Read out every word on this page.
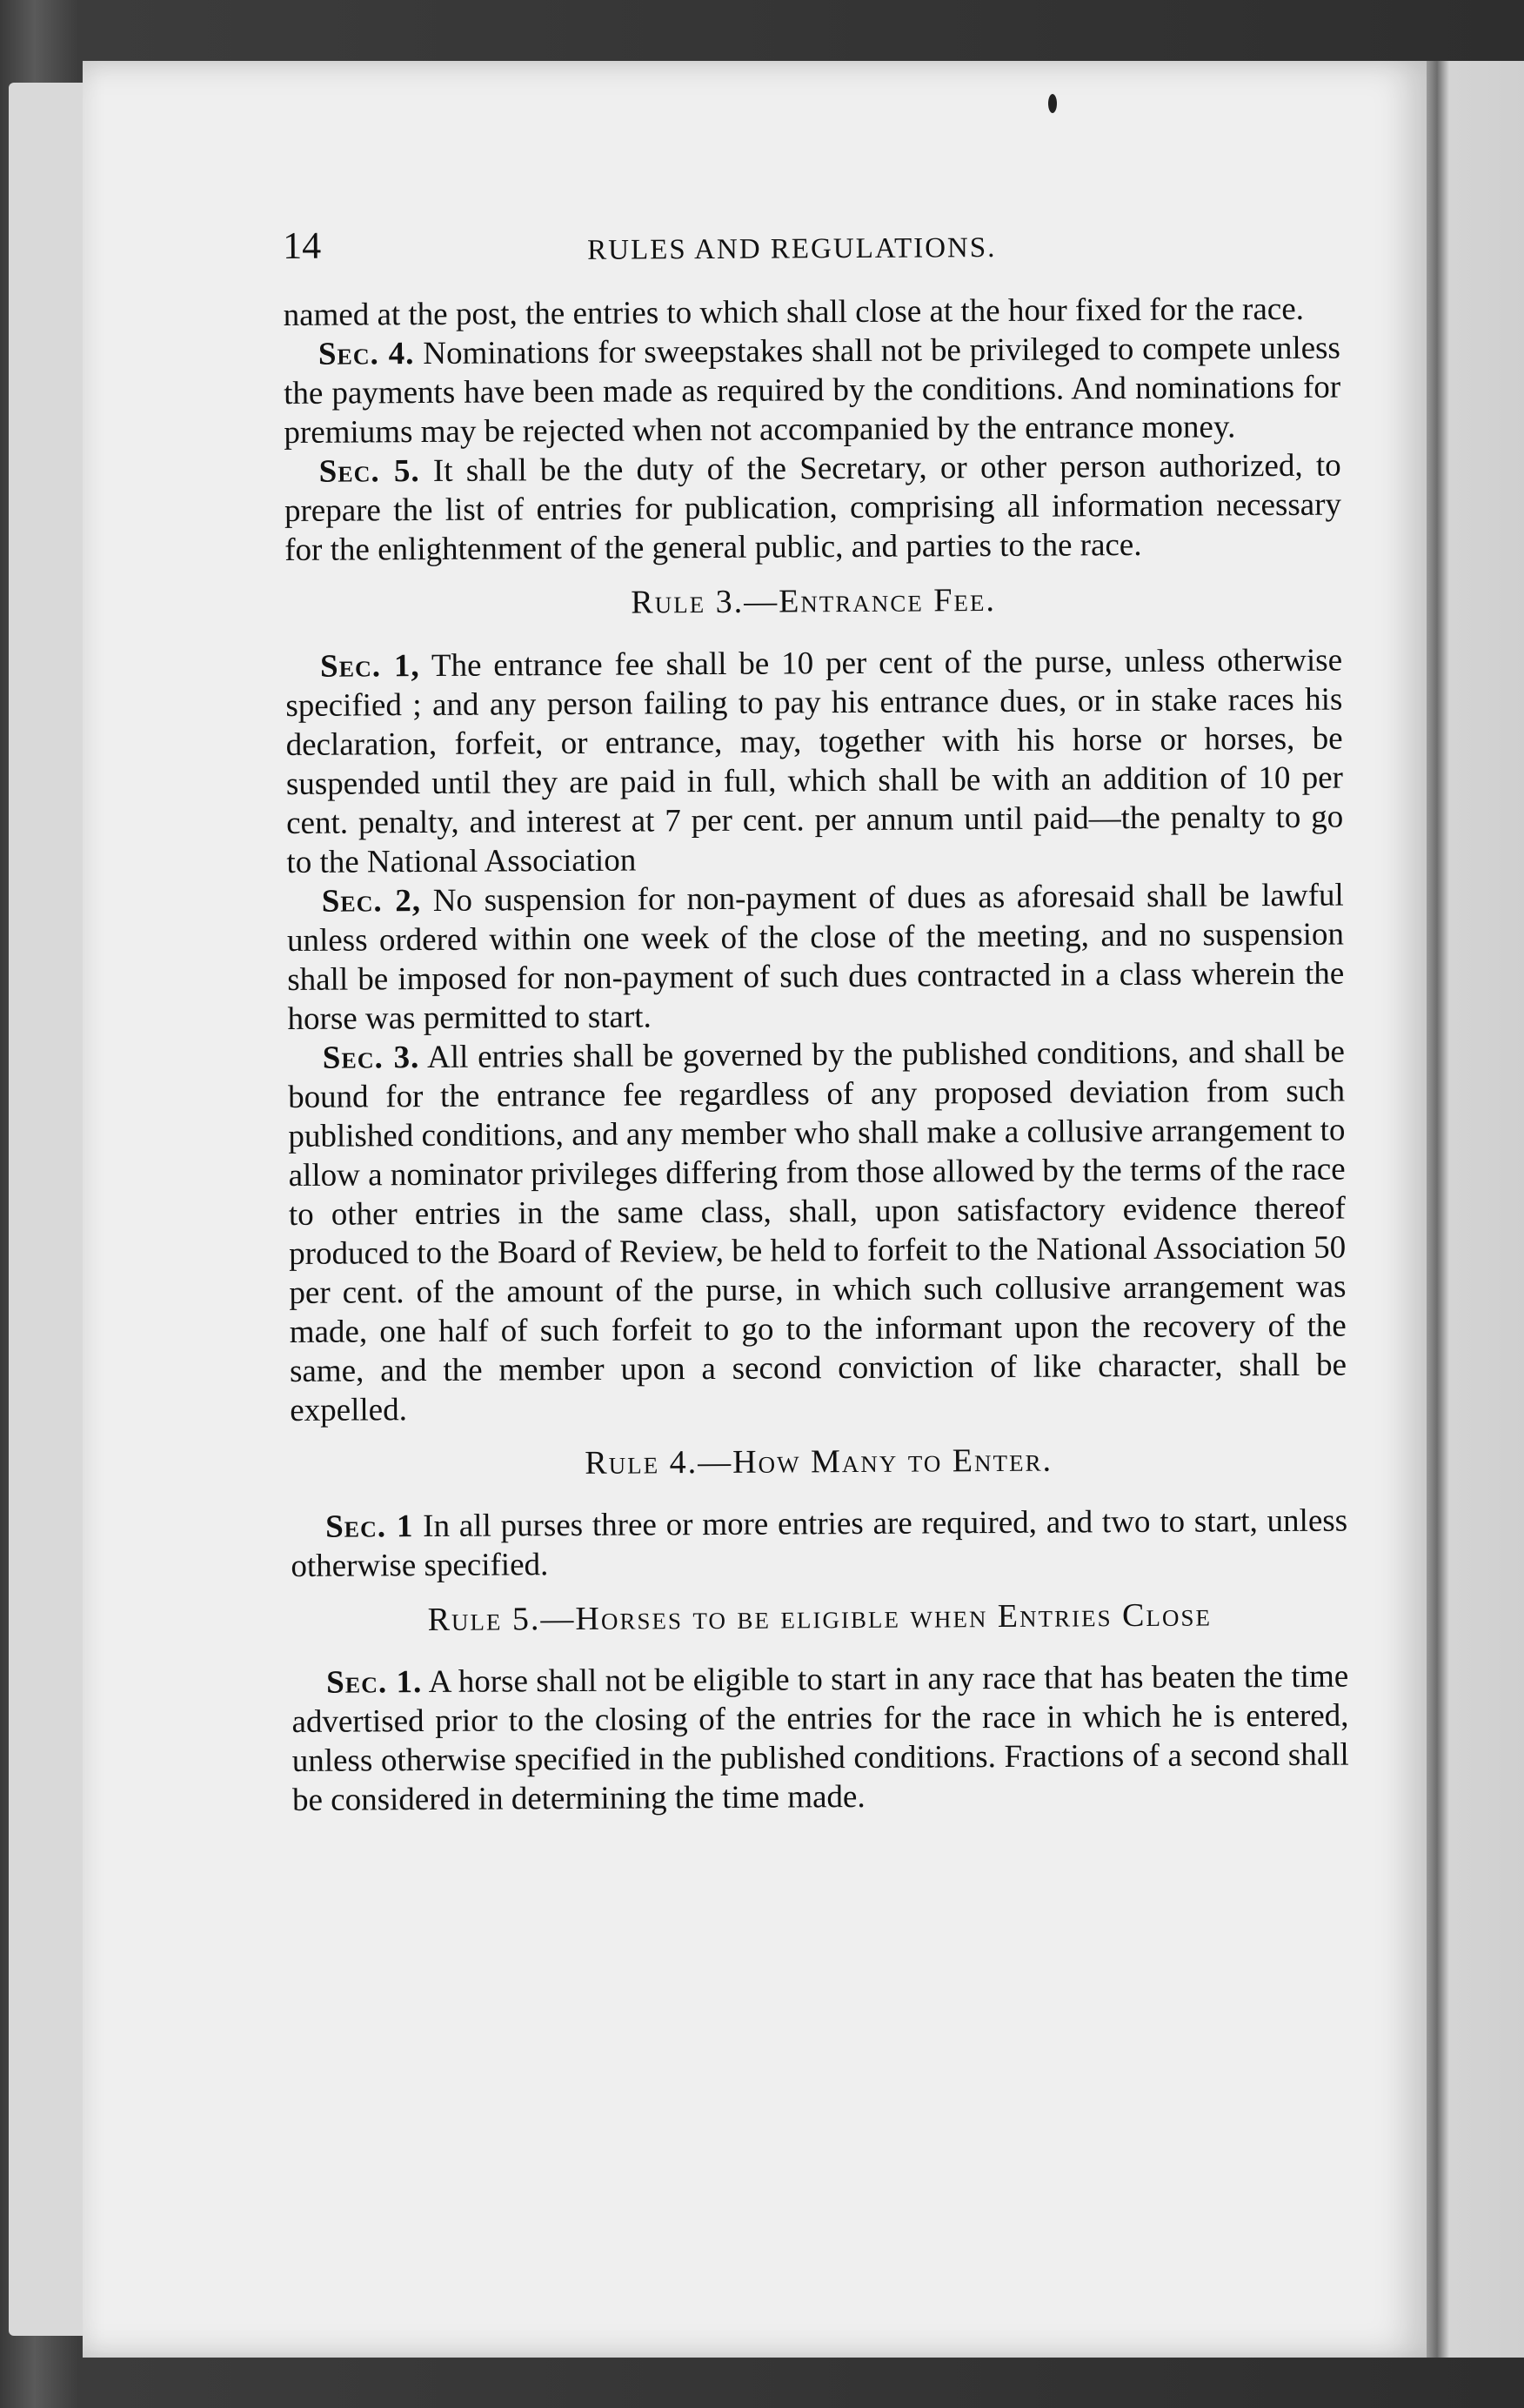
14	RULES AND REGULATIONS.

named at the post, the entries to which shall close at the hour fixed for the race.

Sec. 4. Nominations for sweepstakes shall not be privileged to compete unless the payments have been made as required by the conditions. And nominations for premiums may be rejected when not accompanied by the entrance money.

Sec. 5. It shall be the duty of the Secretary, or other person authorized, to prepare the list of entries for publication, comprising all information necessary for the enlightenment of the general public, and parties to the race.

Rule 3.—Entrance Fee.

Sec. 1, The entrance fee shall be 10 per cent of the purse, unless otherwise specified ; and any person failing to pay his entrance dues, or in stake races his declaration, forfeit, or entrance, may, together with his horse or horses, be suspended until they are paid in full, which shall be with an addition of 10 per cent. penalty, and interest at 7 per cent. per annum until paid—the penalty to go to the National Association

Sec. 2, No suspension for non-payment of dues as aforesaid shall be lawful unless ordered within one week of the close of the meeting, and no suspension shall be imposed for non-payment of such dues contracted in a class wherein the horse was permitted to start.

Sec. 3. All entries shall be governed by the published conditions, and shall be bound for the entrance fee regardless of any proposed deviation from such published conditions, and any member who shall make a collusive arrangement to allow a nominator privileges differing from those allowed by the terms of the race to other entries in the same class, shall, upon satisfactory evidence thereof produced to the Board of Review, be held to forfeit to the National Association 50 per cent. of the amount of the purse, in which such collusive arrangement was made, one half of such forfeit to go to the informant upon the recovery of the same, and the member upon a second conviction of like character, shall be expelled.

Rule 4.—How Many to Enter.

Sec. 1 In all purses three or more entries are required, and two to start, unless otherwise specified.

Rule 5.—Horses to be eligible when Entries Close

Sec. 1. A horse shall not be eligible to start in any race that has beaten the time advertised prior to the closing of the entries for the race in which he is entered, unless otherwise specified in the published conditions. Fractions of a second shall be considered in determining the time made.
